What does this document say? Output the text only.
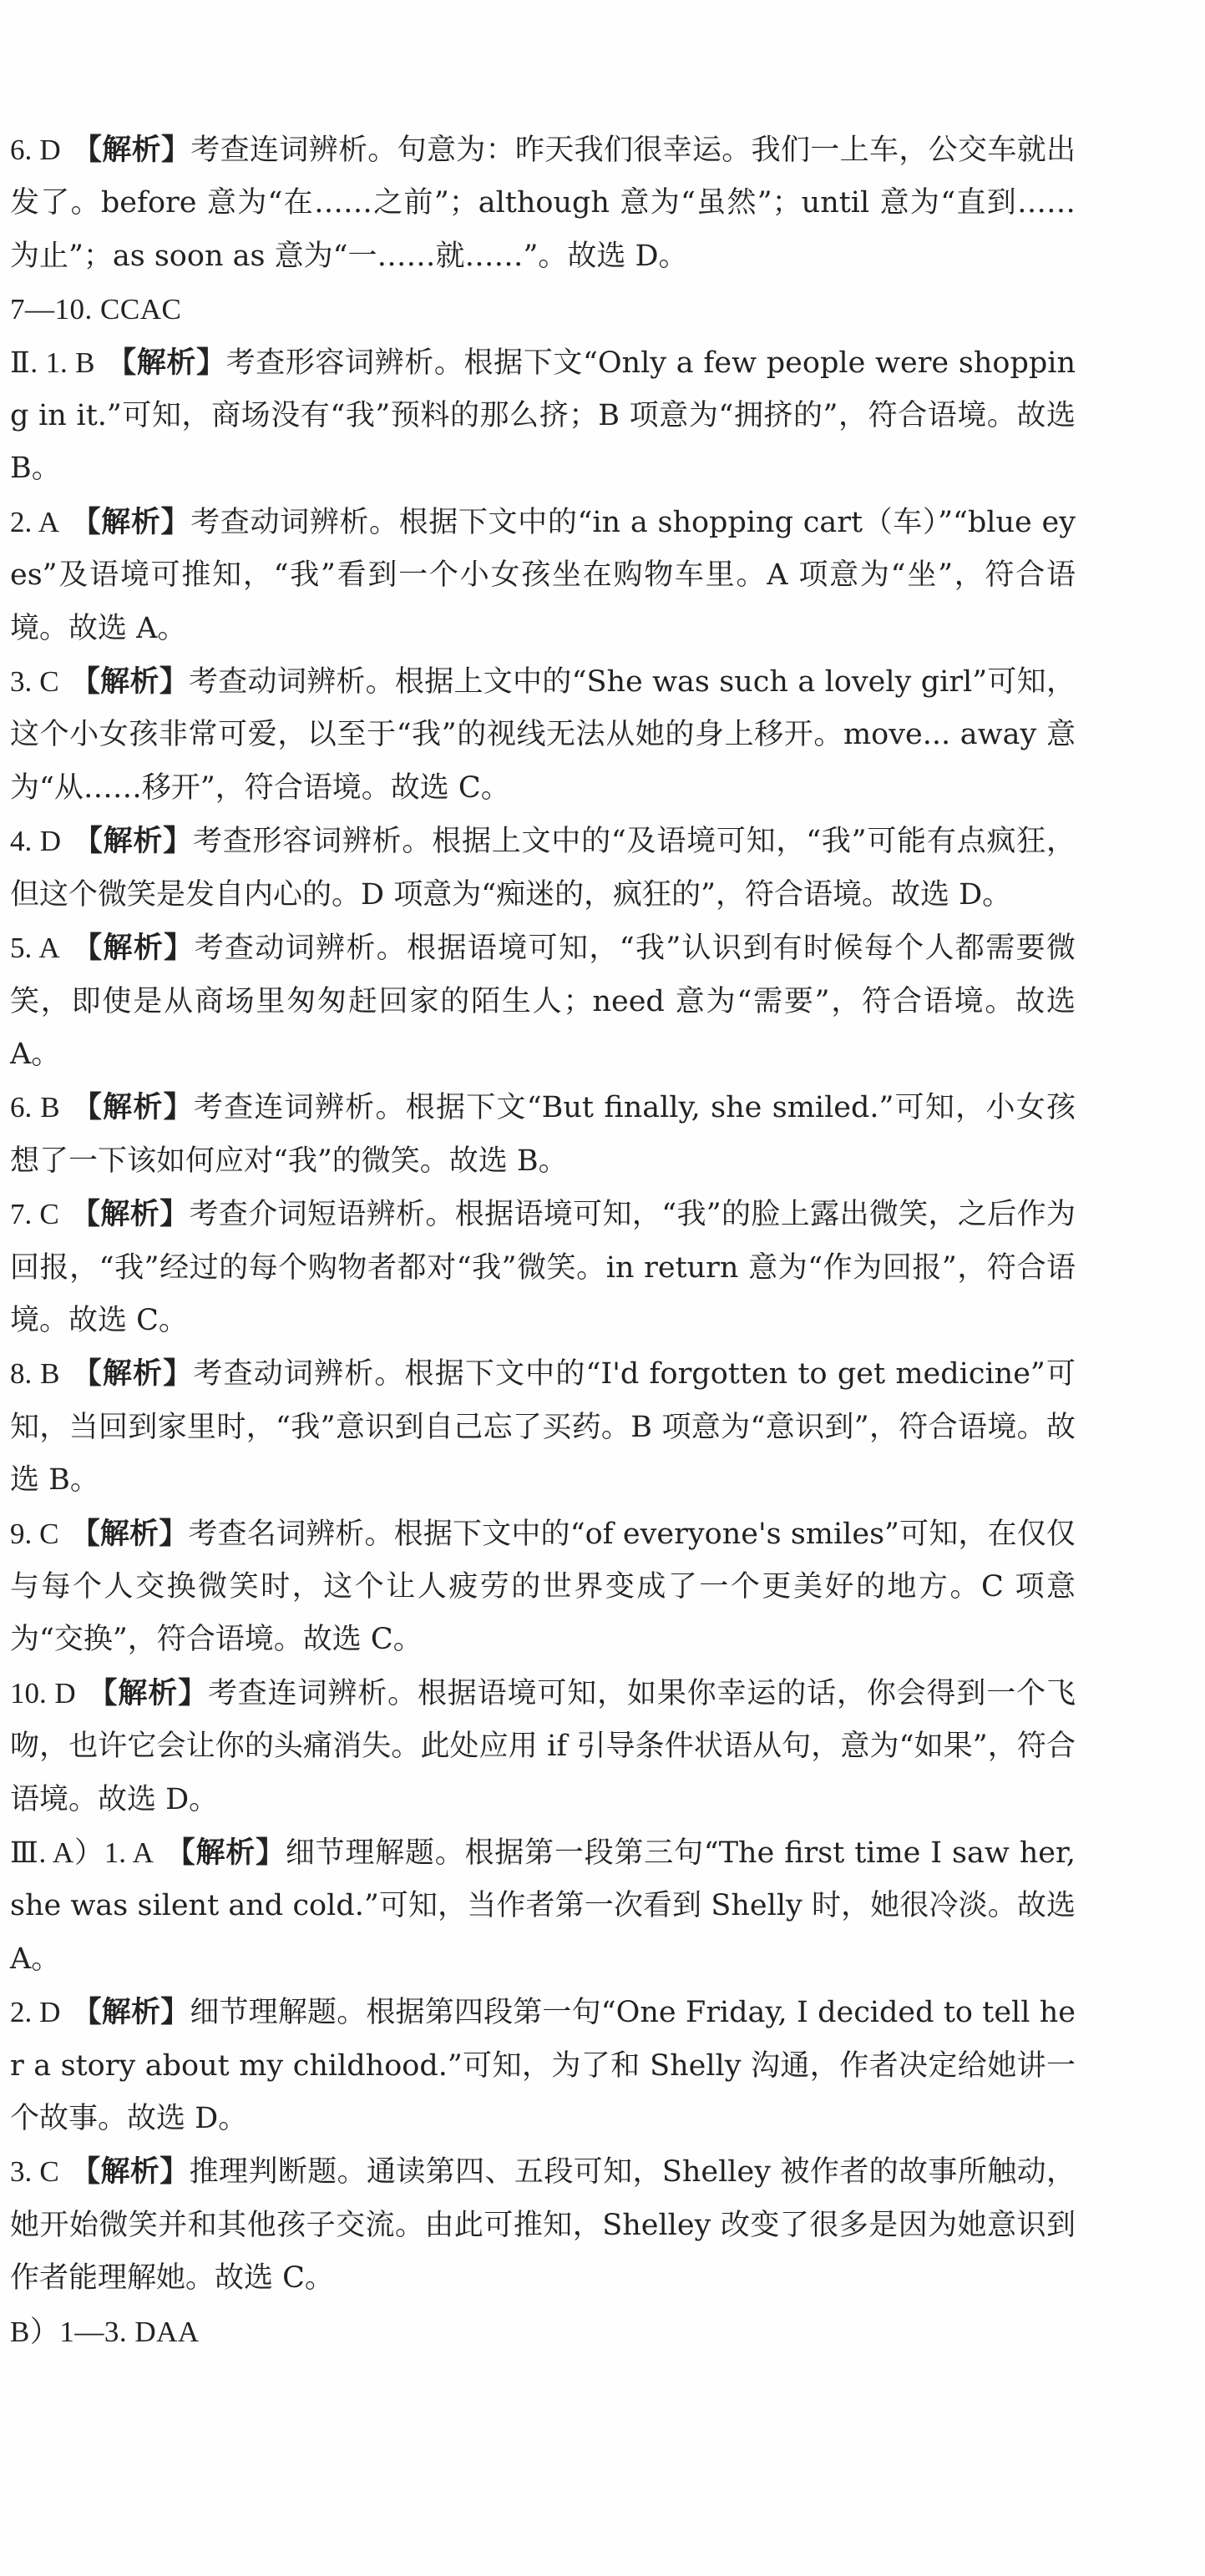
6. D 【解析】考查连词辨析。句意为：昨天我们很幸运。我们一上车，公交车就出发了。before 意为“在……之前”；although 意为“虽然”；until 意为“直到……为止”；as soon as 意为“一……就……”。故选 D。

7—10. CCAC

Ⅱ. 1. B 【解析】考查形容词辨析。根据下文“Only a few people were shopping in it.”可知，商场没有“我”预料的那么挤；B 项意为“拥挤的”，符合语境。故选 B。

2. A 【解析】考查动词辨析。根据下文中的“in a shopping cart（车）”“blue eyes”及语境可推知，“我”看到一个小女孩坐在购物车里。A 项意为“坐”，符合语境。故选 A。

3. C 【解析】考查动词辨析。根据上文中的“She was such a lovely girl”可知，这个小女孩非常可爱，以至于“我”的视线无法从她的身上移开。move... away 意为“从……移开”，符合语境。故选 C。

4. D 【解析】考查形容词辨析。根据上文中的“及语境可知，“我”可能有点疯狂，但这个微笑是发自内心的。D 项意为“痴迷的，疯狂的”，符合语境。故选 D。

5. A 【解析】考查动词辨析。根据语境可知，“我”认识到有时候每个人都需要微笑，即使是从商场里匆匆赶回家的陌生人；need 意为“需要”，符合语境。故选 A。

6. B 【解析】考查连词辨析。根据下文“But finally, she smiled.”可知，小女孩想了一下该如何应对“我”的微笑。故选 B。

7. C 【解析】考查介词短语辨析。根据语境可知，“我”的脸上露出微笑，之后作为回报，“我”经过的每个购物者都对“我”微笑。in return 意为“作为回报”，符合语境。故选 C。

8. B 【解析】考查动词辨析。根据下文中的“I'd forgotten to get medicine”可知，当回到家里时，“我”意识到自己忘了买药。B 项意为“意识到”，符合语境。故选 B。

9. C 【解析】考查名词辨析。根据下文中的“of everyone's smiles”可知，在仅仅与每个人交换微笑时，这个让人疲劳的世界变成了一个更美好的地方。C 项意为“交换”，符合语境。故选 C。

10. D 【解析】考查连词辨析。根据语境可知，如果你幸运的话，你会得到一个飞吻，也许它会让你的头痛消失。此处应用 if 引导条件状语从句，意为“如果”，符合语境。故选 D。

Ⅲ. A）1. A 【解析】细节理解题。根据第一段第三句“The first time I saw her, she was silent and cold.”可知，当作者第一次看到 Shelly 时，她很冷淡。故选 A。

2. D 【解析】细节理解题。根据第四段第一句“One Friday, I decided to tell her a story about my childhood.”可知，为了和 Shelly 沟通，作者决定给她讲一个故事。故选 D。

3. C 【解析】推理判断题。通读第四、五段可知，Shelley 被作者的故事所触动，她开始微笑并和其他孩子交流。由此可推知，Shelley 改变了很多是因为她意识到作者能理解她。故选 C。

B）1—3. DAA
